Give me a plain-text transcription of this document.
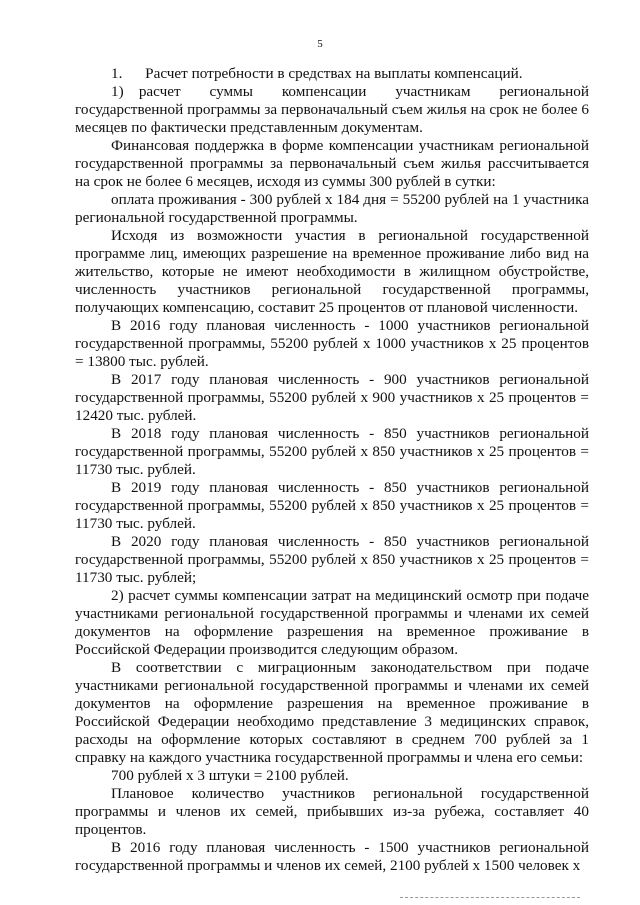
5

1.  Расчет потребности в средствах на выплаты компенсаций.

1) расчет  суммы  компенсации  участникам  региональной государственной программы за первоначальный съем жилья на срок не более 6 месяцев по фактически представленным документам.

Финансовая поддержка в форме компенсации участникам региональной государственной программы за первоначальный съем жилья рассчитывается на срок не более 6 месяцев, исходя из суммы 300 рублей в сутки:

оплата проживания - 300 рублей х 184 дня = 55200 рублей на 1 участника региональной государственной программы.

Исходя из возможности участия в региональной государственной программе лиц, имеющих разрешение на временное проживание либо вид на жительство, которые не имеют необходимости в жилищном обустройстве, численность участников региональной государственной программы, получающих компенсацию, составит 25 процентов от плановой численности.

В 2016 году плановая численность - 1000 участников региональной государственной программы, 55200 рублей х 1000 участников х 25 процентов = 13800 тыс. рублей.

В 2017 году плановая численность - 900 участников региональной государственной программы, 55200 рублей х 900 участников х 25 процентов = 12420 тыс. рублей.

В 2018 году плановая численность - 850 участников региональной государственной программы, 55200 рублей х 850 участников х 25 процентов = 11730 тыс. рублей.

В 2019 году плановая численность - 850 участников региональной государственной программы, 55200 рублей х 850 участников х 25 процентов = 11730 тыс. рублей.

В 2020 году плановая численность - 850 участников региональной государственной программы, 55200 рублей х 850 участников х 25 процентов = 11730 тыс. рублей;

2) расчет суммы компенсации затрат на медицинский осмотр при подаче участниками региональной государственной программы и членами их семей документов на оформление разрешения на временное проживание в Российской Федерации производится следующим образом.

В соответствии с миграционным законодательством при подаче участниками региональной государственной программы и членами их семей документов на оформление разрешения на временное проживание в Российской Федерации необходимо представление 3 медицинских справок, расходы на оформление которых составляют в среднем 700 рублей за 1 справку на каждого участника государственной программы и члена его семьи:

700 рублей х 3 штуки = 2100 рублей.

Плановое количество участников региональной государственной программы и членов их семей, прибывших из-за рубежа, составляет 40 процентов.

В 2016 году плановая численность - 1500 участников региональной государственной программы и членов их семей, 2100 рублей х 1500 человек х
